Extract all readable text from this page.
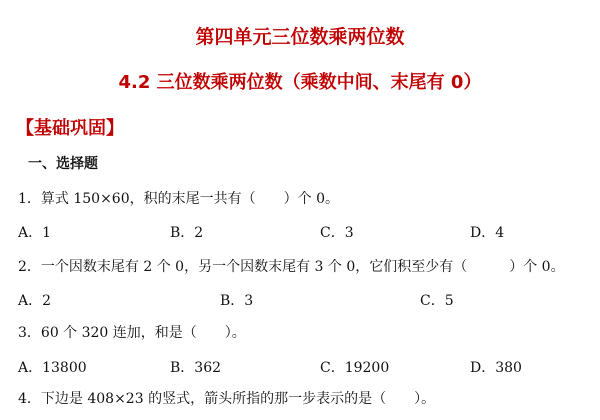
第四单元三位数乘两位数
4.2 三位数乘两位数（乘数中间、末尾有 0）
【基础巩固】
一、选择题
1．算式 150×60，积的末尾一共有（　　）个 0。
A．1	B．2	C．3	D．4
2．一个因数末尾有 2 个 0，另一个因数末尾有 3 个 0，它们积至少有（　　　）个 0。
A．2	B．3	C．5
3．60 个 320 连加，和是（　　）。
A．13800	B．362	C．19200	D．380
4．下边是 408×23 的竖式，箭头所指的那一步表示的是（　　）。
